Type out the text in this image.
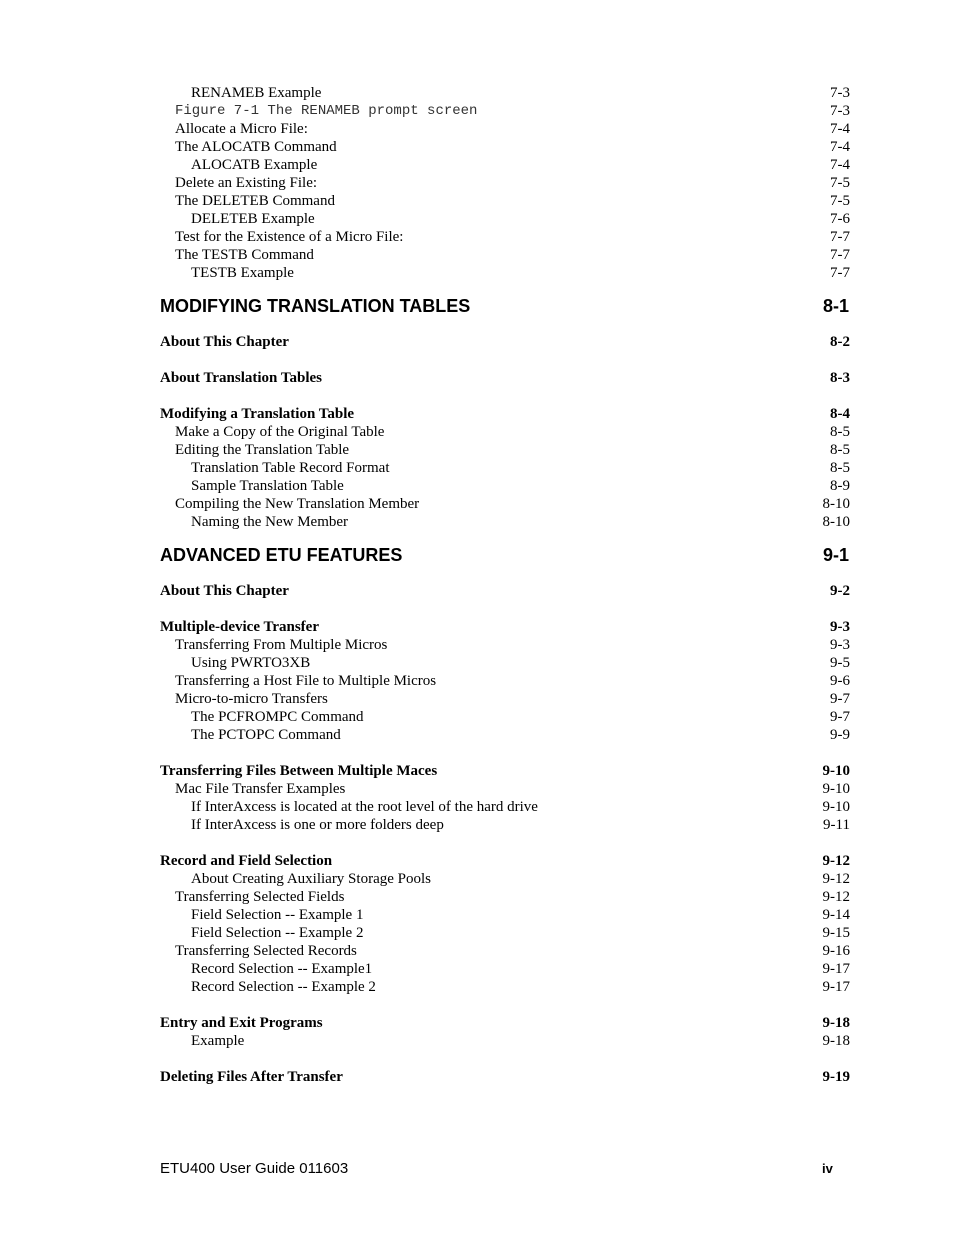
RENAMEB Example	7-3
Figure 7-1 The RENAMEB prompt screen	7-3
Allocate a Micro File:	7-4
The ALOCATB Command	7-4
ALOCATB Example	7-4
Delete an Existing File:	7-5
The DELETEB Command	7-5
DELETEB Example	7-6
Test for the Existence of a Micro File:	7-7
The TESTB Command	7-7
TESTB Example	7-7
MODIFYING TRANSLATION TABLES	8-1
About This Chapter	8-2
About Translation Tables	8-3
Modifying a Translation Table	8-4
Make a Copy of the Original Table	8-5
Editing the Translation Table	8-5
Translation Table Record Format	8-5
Sample Translation Table	8-9
Compiling the New Translation Member	8-10
Naming the New Member	8-10
ADVANCED ETU FEATURES	9-1
About This Chapter	9-2
Multiple-device Transfer	9-3
Transferring From Multiple Micros	9-3
Using PWRTO3XB	9-5
Transferring a Host File to Multiple Micros	9-6
Micro-to-micro Transfers	9-7
The PCFROMPC Command	9-7
The PCTOPC Command	9-9
Transferring Files Between Multiple Maces	9-10
Mac File Transfer Examples	9-10
If InterAxcess is located at the root level of the hard drive	9-10
If InterAxcess is one or more folders deep	9-11
Record and Field Selection	9-12
About Creating Auxiliary Storage Pools	9-12
Transferring Selected Fields	9-12
Field Selection -- Example 1	9-14
Field Selection -- Example 2	9-15
Transferring Selected Records	9-16
Record Selection -- Example1	9-17
Record Selection -- Example 2	9-17
Entry and Exit Programs	9-18
Example	9-18
Deleting Files After Transfer	9-19
ETU400 User Guide 011603	iv
